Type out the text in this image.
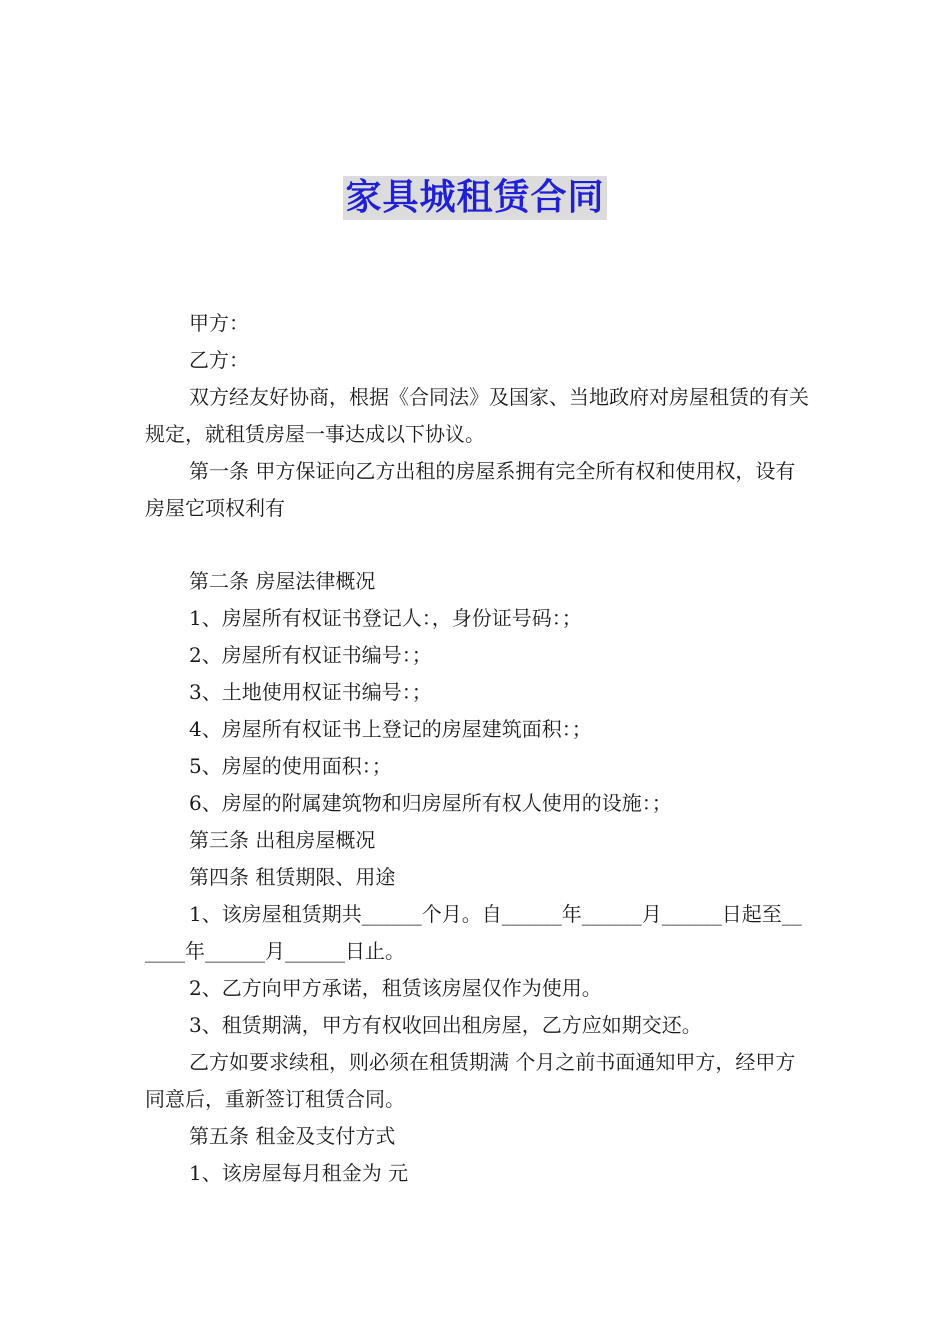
家具城租赁合同

甲方：

乙方：

双方经友好协商，根据《合同法》及国家、当地政府对房屋租赁的有关规定，就租赁房屋一事达成以下协议。

第一条 甲方保证向乙方出租的房屋系拥有完全所有权和使用权，设有房屋它项权利有

第二条 房屋法律概况

1、房屋所有权证书登记人：，身份证号码：；

2、房屋所有权证书编号：；

3、土地使用权证书编号：；

4、房屋所有权证书上登记的房屋建筑面积：；

5、房屋的使用面积：；

6、房屋的附属建筑物和归房屋所有权人使用的设施：；

第三条 出租房屋概况

第四条 租赁期限、用途

1、该房屋租赁期共______个月。自______年______月______日起至______年______月______日止。

2、乙方向甲方承诺，租赁该房屋仅作为使用。

3、租赁期满，甲方有权收回出租房屋，乙方应如期交还。

乙方如要求续租，则必须在租赁期满 个月之前书面通知甲方，经甲方同意后，重新签订租赁合同。

第五条 租金及支付方式

1、该房屋每月租金为 元
